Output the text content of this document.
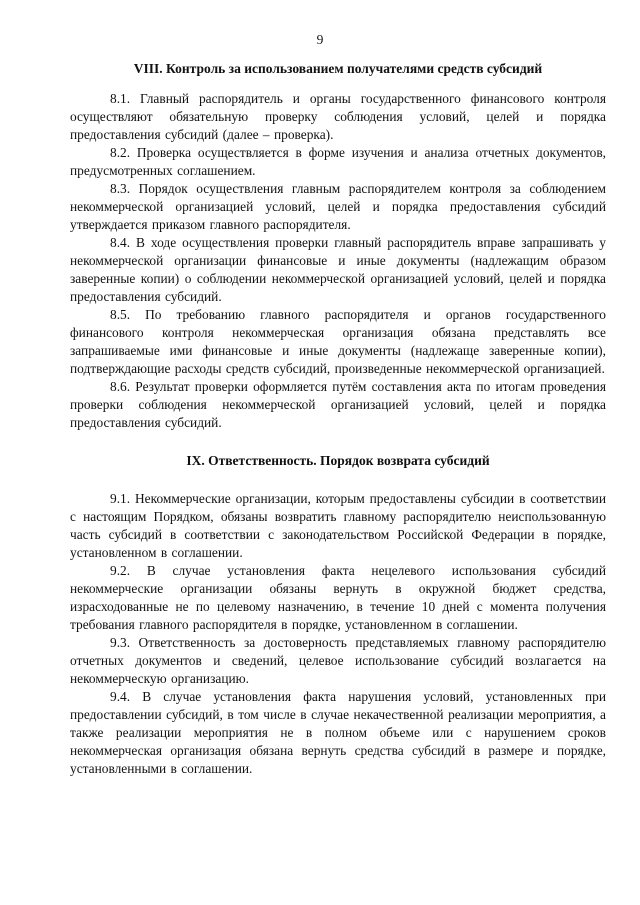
9
VIII. Контроль за использованием получателями средств субсидий

8.1. Главный распорядитель и органы государственного финансового контроля осуществляют обязательную проверку соблюдения условий, целей и порядка предоставления субсидий (далее – проверка).

8.2. Проверка осуществляется в форме изучения и анализа отчетных документов, предусмотренных соглашением.

8.3. Порядок осуществления главным распорядителем контроля за соблюдением некоммерческой организацией условий, целей и порядка предоставления субсидий утверждается приказом главного распорядителя.

8.4. В ходе осуществления проверки главный распорядитель вправе запрашивать у некоммерческой организации финансовые и иные документы (надлежащим образом заверенные копии) о соблюдении некоммерческой организацией условий, целей и порядка предоставления субсидий.

8.5. По требованию главного распорядителя и органов государственного финансового контроля некоммерческая организация обязана представлять все запрашиваемые ими финансовые и иные документы (надлежаще заверенные копии), подтверждающие расходы средств субсидий, произведенные некоммерческой организацией.

8.6. Результат проверки оформляется путём составления акта по итогам проведения проверки соблюдения некоммерческой организацией условий, целей и порядка предоставления субсидий.

IX. Ответственность. Порядок возврата субсидий

9.1. Некоммерческие организации, которым предоставлены субсидии в соответствии с настоящим Порядком, обязаны возвратить главному распорядителю неиспользованную часть субсидий в соответствии с законодательством Российской Федерации в порядке, установленном в соглашении.

9.2. В случае установления факта нецелевого использования субсидий некоммерческие организации обязаны вернуть в окружной бюджет средства, израсходованные не по целевому назначению, в течение 10 дней с момента получения требования главного распорядителя в порядке, установленном в соглашении.

9.3. Ответственность за достоверность представляемых главному распорядителю отчетных документов и сведений, целевое использование субсидий возлагается на некоммерческую организацию.

9.4. В случае установления факта нарушения условий, установленных при предоставлении субсидий, в том числе в случае некачественной реализации мероприятия, а также реализации мероприятия не в полном объеме или с нарушением сроков некоммерческая организация обязана вернуть средства субсидий в размере и порядке, установленными в соглашении.
